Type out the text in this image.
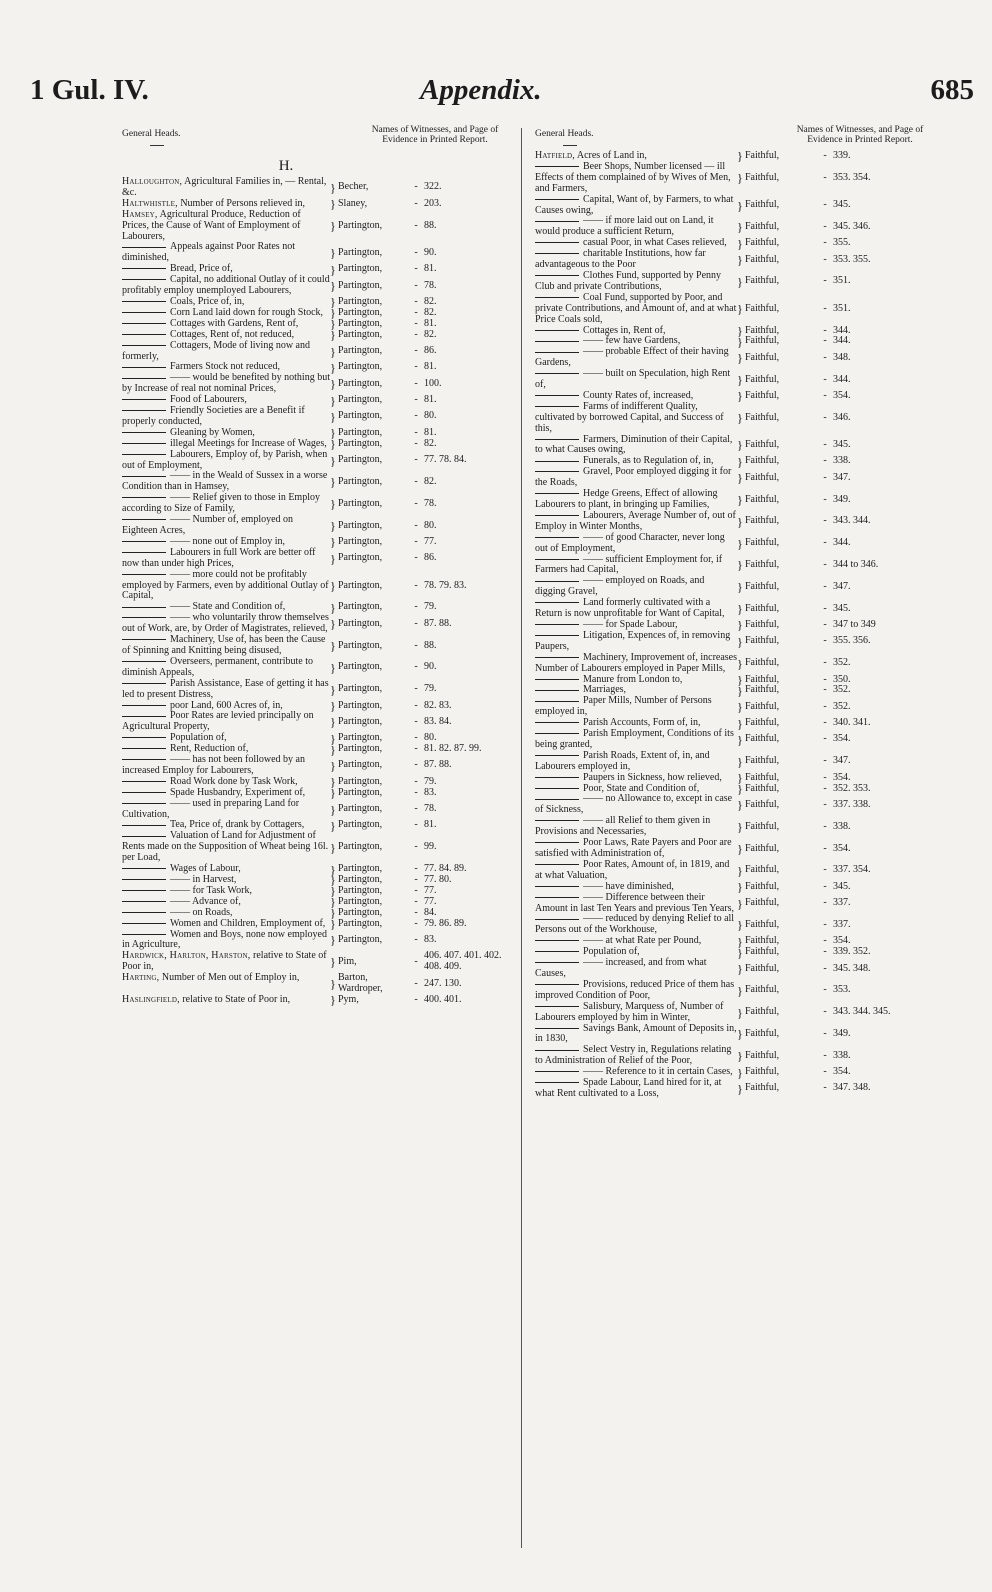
1 Gul. IV.	Appendix.	685
General Heads.	Names of Witnesses, and Page of Evidence in Printed Report.
H.
Halloughton, Agricultural Families in, — Rental, &c.	} Becher,	- 322.
Haltwhistle, Number of Persons relieved in,	} Slaney,	- 203.
Hamsey, Agricultural Produce, Reduction of Prices, the Cause of Want of Employment of Labourers,
} Partington,	- 88.
Appeals against Poor Rates not diminished,	} Partington,	- 90.
Bread, Price of,	} Partington,	- 81.
Capital, no additional Outlay of it could profitably employ unemployed Labourers,	} Partington,	- 78.
Coals, Price of, in,	} Partington,	- 82.
Corn Land laid down for rough Stock, } Partington,	- 82.
Cottages with Gardens, Rent of,	} Partington,	- 81.
Cottages, Rent of, not reduced,	} Partington,	- 82.
Cottagers, Mode of living now and formerly,	} Partington,	- 86.
Farmers Stock not reduced,	} Partington,	- 81.
—— would be benefited by nothing but by Increase of real not nominal Prices,	} Partington,	- 100.
Food of Labourers,	} Partington,	- 81.
Friendly Societies are a Benefit if properly conducted,	} Partington,	- 80.
Gleaning by Women,	} Partington,	- 81.
illegal Meetings for Increase of Wages, } Partington,	- 82.
Labourers, Employ of, by Parish, when out of Employment,	} Partington,	- 77. 78. 84.
—— in the Weald of Sussex in a worse Condition than in Hamsey,	} Partington,	- 82.
—— Relief given to those in Employ according to Size of Family,	} Partington,	- 78.
—— Number of, employed on Eighteen Acres,	} Partington,	- 80.
—— none out of Employ in,	} Partington,	- 77.
Labourers in full Work are better off now than under high Prices,	} Partington,	- 86.
—— more could not be profitably employed by Farmers, even by additional Outlay of Capital,
} Partington,	- 78. 79. 83.
—— State and Condition of,	} Partington,	- 79.
—— who voluntarily throw themselves out of Work, are, by Order of Magistrates, relieved, } Partington,	- 87. 88.
Machinery, Use of, has been the Cause of Spinning and Knitting being disused,	} Partington,	- 88.
Overseers, permanent, contribute to diminish Appeals,	} Partington,	- 90.
Parish Assistance, Ease of getting it has led to present Distress,	} Partington,	- 79.
poor Land, 600 Acres of, in,	} Partington,	- 82. 83.
Poor Rates are levied principally on Agricultural Property,	} Partington,	- 83. 84.
Population of,	} Partington,	- 80.
Rent, Reduction of,	} Partington,	- 81. 82. 87. 99.
—— has not been followed by an increased Employ for Labourers,	} Partington,	- 87. 88.
Road Work done by Task Work,	} Partington,	- 79.
Spade Husbandry, Experiment of,	} Partington,	- 83.
—— used in preparing Land for Cultivation,	} Partington,	- 78.
Tea, Price of, drank by Cottagers,	} Partington,	- 81.
Valuation of Land for Adjustment of Rents made on the Supposition of Wheat being 16l. per Load,
} Partington,	- 99.
Wages of Labour,	} Partington,	- 77. 84. 89.
—— in Harvest,	} Partington,	- 77. 80.
—— for Task Work,	} Partington,	- 77.
—— Advance of,	} Partington,	- 77.
—— on Roads,	} Partington,	- 84.
Women and Children, Employment of, } Partington,	- 79. 86. 89.
Women and Boys, none now employed in Agriculture,	} Partington,	- 83.
Hardwick, Harlton, Harston, relative to State of Poor in,	} Pim,	- 406. 407. 401. 402. 408. 409.
Harting, Number of Men out of Employ in,	} Barton, Wardroper,	- 247. 130.
Haslingfield, relative to State of Poor in,	} Pym,	- 400. 401.
General Heads.	Names of Witnesses, and Page of Evidence in Printed Report.
Hatfield, Acres of Land in,	} Faithful,	- 339.
Beer Shops, Number licensed — ill Effects of them complained of by Wives of Men, and Farmers,
} Faithful,	- 353. 354.
Capital, Want of, by Farmers, to what Causes owing,	} Faithful,	- 345.
—— if more laid out on Land, it would produce a sufficient Return,	} Faithful,	- 345. 346.
casual Poor, in what Cases relieved, } Faithful,	- 355.
charitable Institutions, how far advantageous to the Poor	} Faithful,	- 353. 355.
Clothes Fund, supported by Penny Club and private Contributions,	} Faithful,	- 351.
Coal Fund, supported by Poor, and private Contributions, and Amount of, and at what Price Coals sold,
} Faithful,	- 351.
Cottages in, Rent of,	} Faithful,	- 344.
—— few have Gardens,	} Faithful,	- 344.
—— probable Effect of their having Gardens,	} Faithful,	- 348.
—— built on Speculation, high Rent of,	} Faithful,	- 344.
County Rates of, increased,	} Faithful,	- 354.
Farms of indifferent Quality, cultivated by borrowed Capital, and Success of this,
} Faithful,	- 346.
Farmers, Diminution of their Capital, to what Causes owing,	} Faithful,	- 345.
Funerals, as to Regulation of, in,	} Faithful,	- 338.
Gravel, Poor employed digging it for the Roads,	} Faithful,	- 347.
Hedge Greens, Effect of allowing Labourers to plant, in bringing up Families,	} Faithful,	- 349.
Labourers, Average Number of, out of Employ in Winter Months,	} Faithful,	- 343. 344.
—— of good Character, never long out of Employment,	} Faithful,	- 344.
—— sufficient Employment for, if Farmers had Capital,	} Faithful,	- 344 to 346.
—— employed on Roads, and digging Gravel,	} Faithful,	- 347.
Land formerly cultivated with a Return is now unprofitable for Want of Capital,	} Faithful,	- 345.
—— for Spade Labour,	} Faithful,	- 347 to 349
Litigation, Expences of, in removing Paupers,	} Faithful,	- 355. 356.
Machinery, Improvement of, increases Number of Labourers employed in Paper Mills, } Faithful,	- 352.
Manure from London to,	} Faithful,	- 350.
Marriages,	} Faithful,	- 352.
Paper Mills, Number of Persons employed in,	} Faithful,	- 352.
Parish Accounts, Form of, in,	} Faithful,	- 340. 341.
Parish Employment, Conditions of its being granted,	} Faithful,	- 354.
Parish Roads, Extent of, in, and Labourers employed in,	} Faithful,	- 347.
Paupers in Sickness, how relieved,	} Faithful,	- 354.
Poor, State and Condition of,	} Faithful,	- 352. 353.
—— no Allowance to, except in case of Sickness,	} Faithful,	- 337. 338.
—— all Relief to them given in Provisions and Necessaries,	} Faithful,	- 338.
Poor Laws, Rate Payers and Poor are satisfied with Administration of,	} Faithful,	- 354.
Poor Rates, Amount of, in 1819, and at what Valuation,	} Faithful,	- 337. 354.
—— have diminished,	} Faithful,	- 345.
—— Difference between their Amount in last Ten Years and previous Ten Years, } Faithful,	- 337.
—— reduced by denying Relief to all Persons out of the Workhouse,	} Faithful,	- 337.
—— at what Rate per Pound,	} Faithful,	- 354.
Population of,	} Faithful,	- 339. 352.
—— increased, and from what Causes,	} Faithful,	- 345. 348.
Provisions, reduced Price of them has improved Condition of Poor,	} Faithful,	- 353.
Salisbury, Marquess of, Number of Labourers employed by him in Winter,	} Faithful,	- 343. 344. 345.
Savings Bank, Amount of Deposits in, in 1830,	} Faithful,	- 349.
Select Vestry in, Regulations relating to Administration of Relief of the Poor,	} Faithful,	- 338.
—— Reference to it in certain Cases, } Faithful,	- 354.
Spade Labour, Land hired for it, at what Rent cultivated to a Loss,	} Faithful,	- 347. 348.
